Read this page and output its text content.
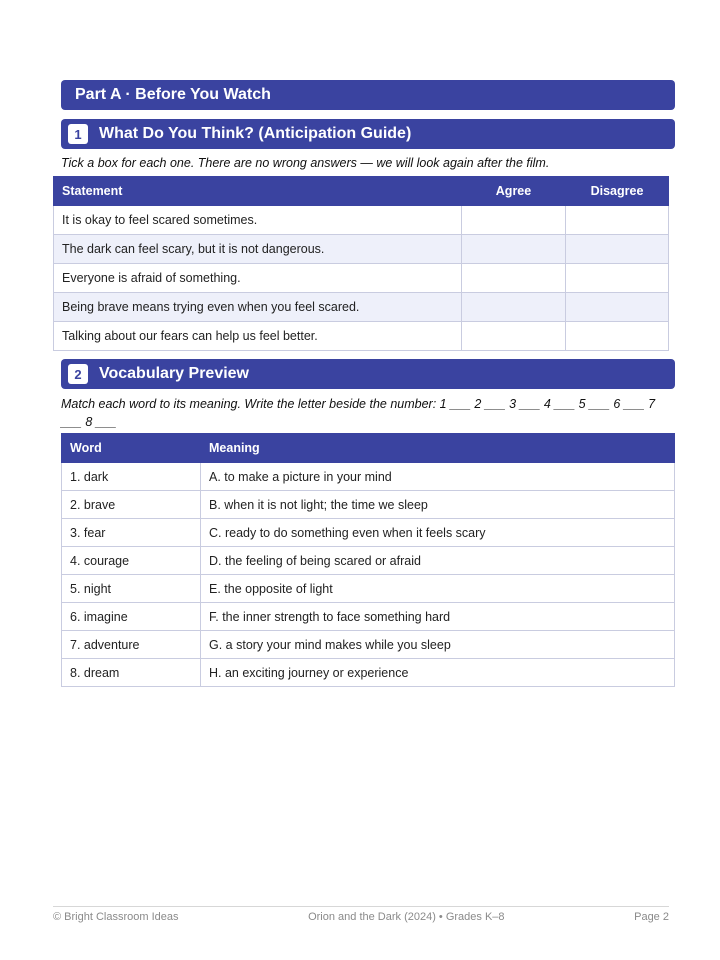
Part A · Before You Watch
1	What Do You Think? (Anticipation Guide)
Tick a box for each one. There are no wrong answers — we will look again after the film.
Statement	Agree	Disagree
It is okay to feel scared sometimes.		
The dark can feel scary, but it is not dangerous.		
Everyone is afraid of something.		
Being brave means trying even when you feel scared.		
Talking about our fears can help us feel better.		
2	Vocabulary Preview
Match each word to its meaning. Write the letter beside the number: 1 ___ 2 ___ 3 ___ 4 ___ 5 ___ 6 ___ 7 ___ 8 ___
Word	Meaning
1. dark	A. to make a picture in your mind
2. brave	B. when it is not light; the time we sleep
3. fear	C. ready to do something even when it feels scary
4. courage	D. the feeling of being scared or afraid
5. night	E. the opposite of light
6. imagine	F. the inner strength to face something hard
7. adventure	G. a story your mind makes while you sleep
8. dream	H. an exciting journey or experience
© Bright Classroom Ideas	Orion and the Dark (2024) • Grades K–8	Page 2
